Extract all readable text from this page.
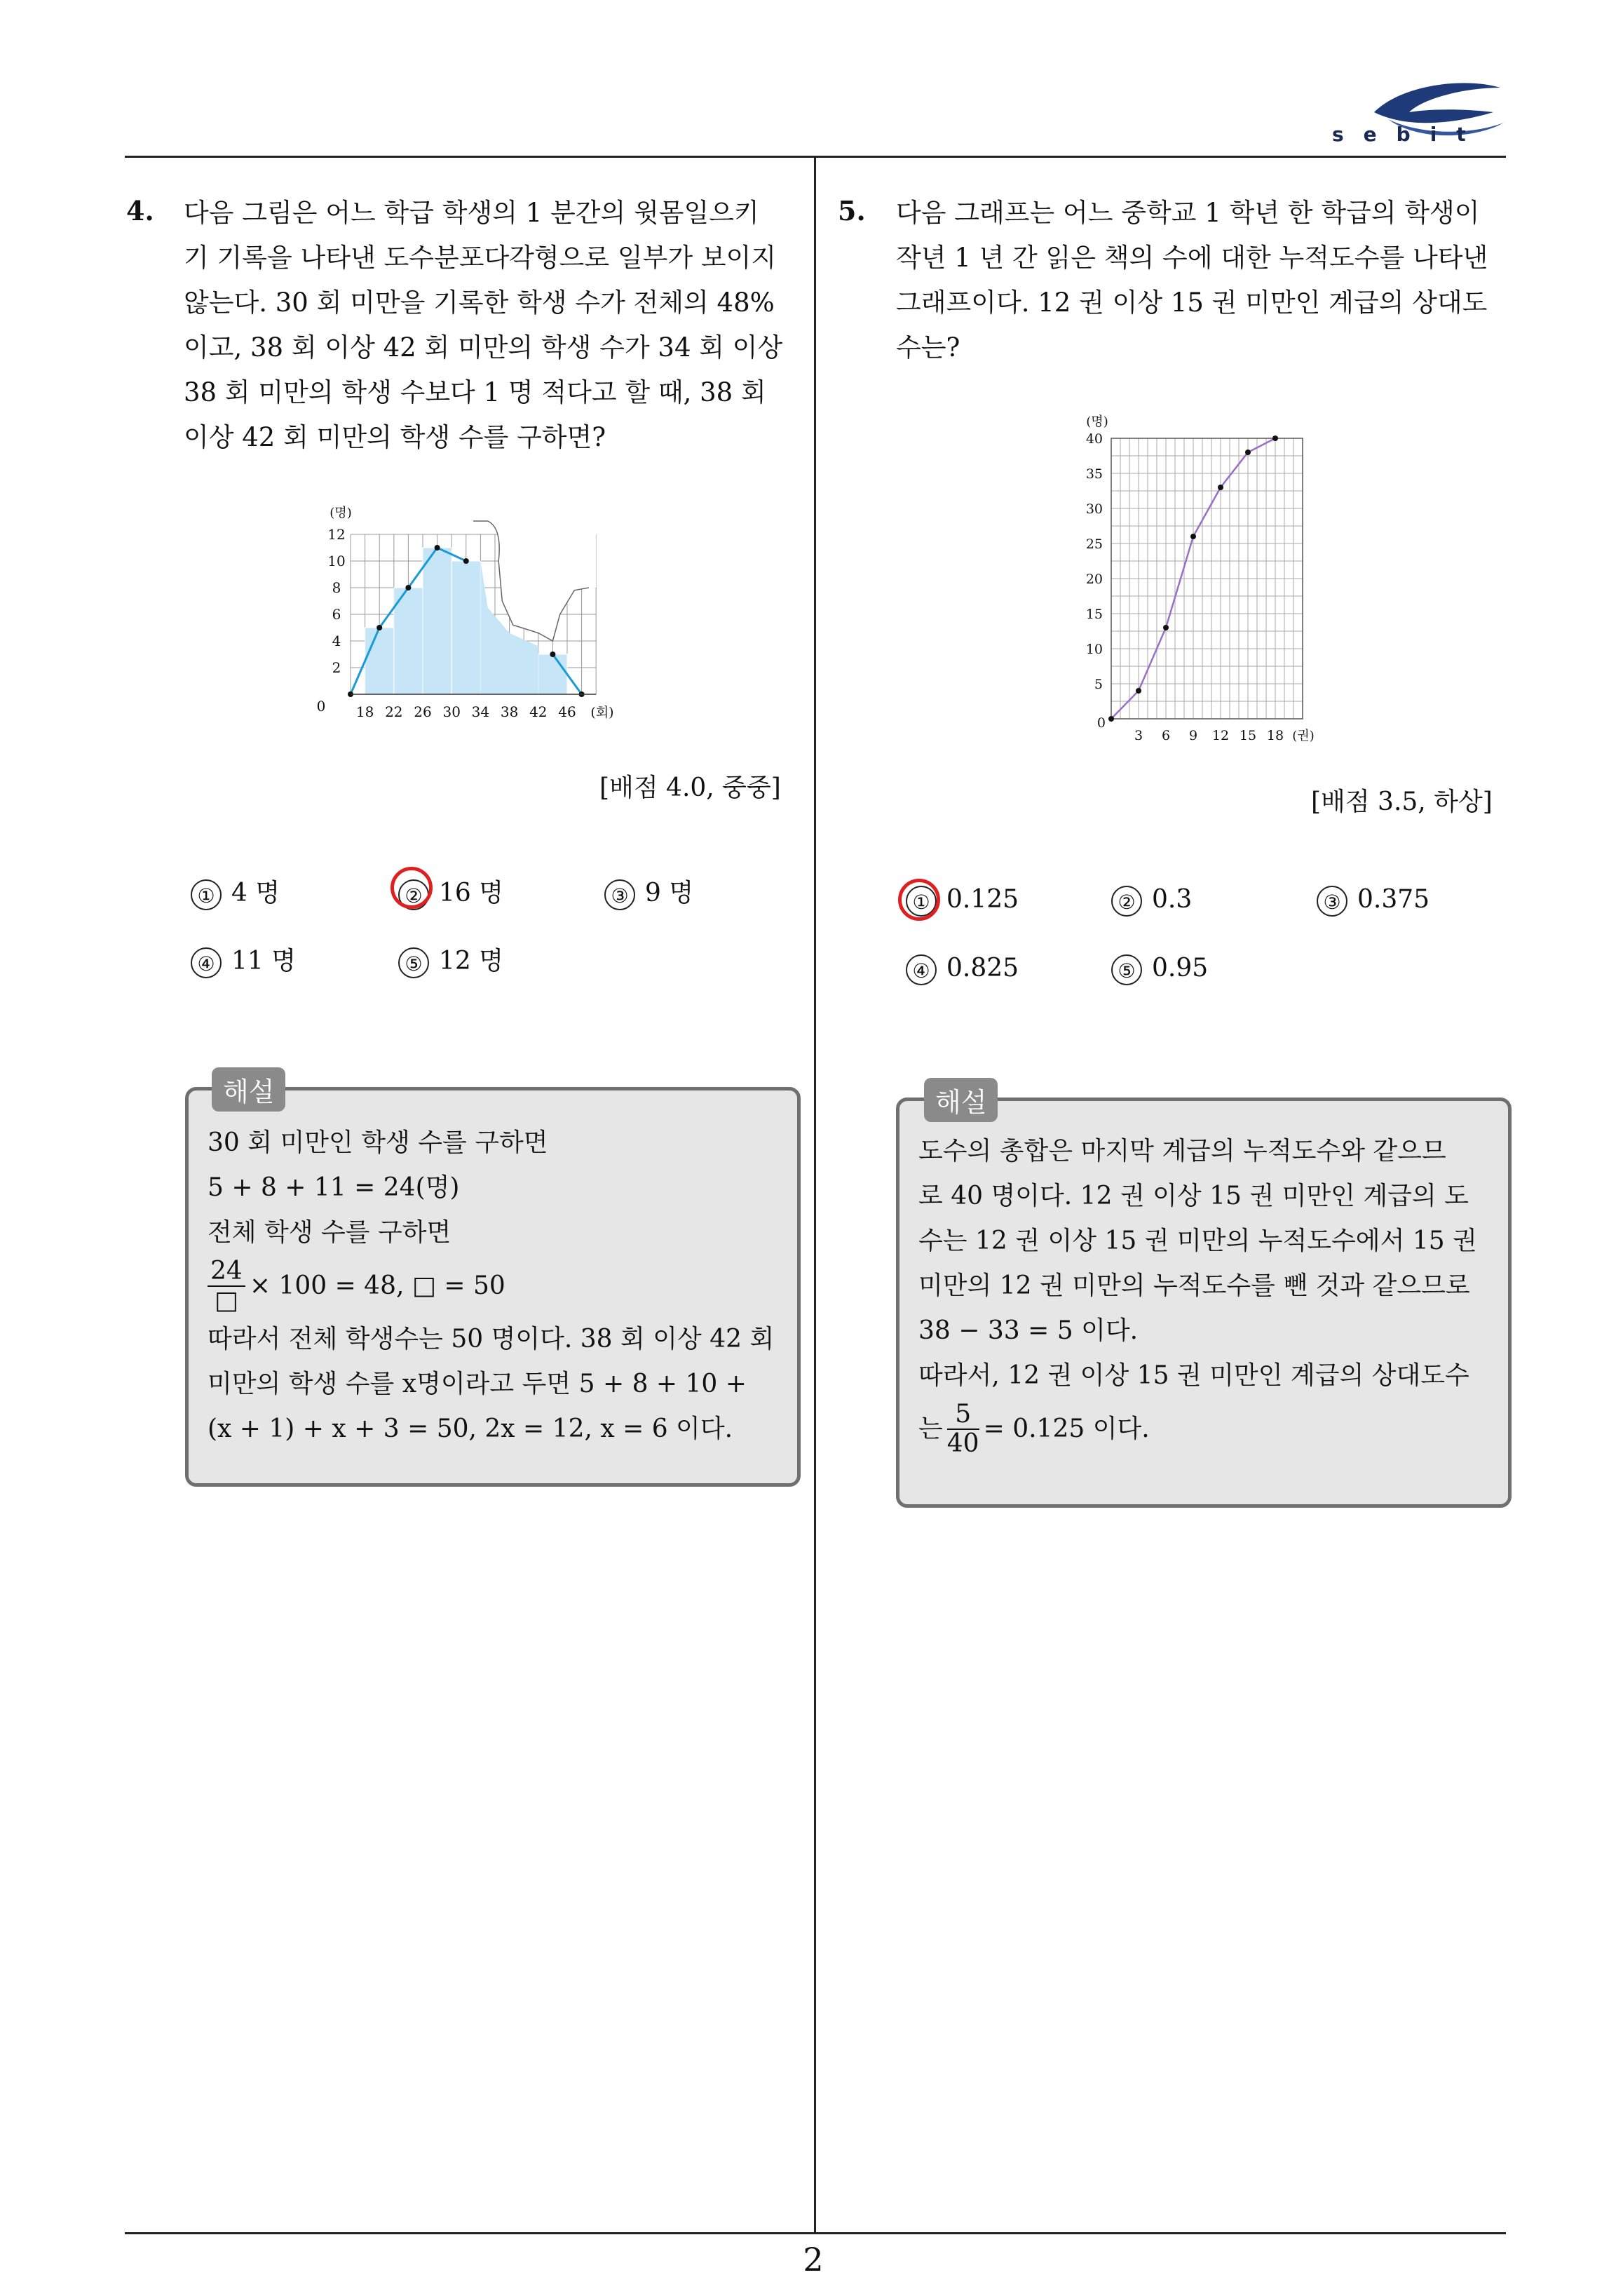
sebit
4. 다음 그림은 어느 학급 학생의 1 분간의 윗몸일으키
기 기록을 나타낸 도수분포다각형으로 일부가 보이지
않는다. 30 회 미만을 기록한 학생 수가 전체의 48%
이고, 38 회 이상 42 회 미만의 학생 수가 34 회 이상
38 회 미만의 학생 수보다 1 명 적다고 할 때, 38 회
이상 42 회 미만의 학생 수를 구하면?
2
4
6
8
10
12
0
(명)
18 22 26 30 34 38 42 46 (회)
[배점 4.0, 중중]
① 4 명	② 16 명	③ 9 명
④ 11 명	⑤ 12 명
해설
30 회 미만인 학생 수를 구하면
5 + 8 + 11 = 24(명)
전체 학생 수를 구하면
$\frac{24}{□} \times 100 = 48$, □ = 50
따라서 전체 학생수는 50 명이다. 38 회 이상 42 회
미만의 학생 수를 x명이라고 두면 5 + 8 + 10 +
(x + 1) + x + 3 = 50, 2x = 12, x = 6 이다.
5. 다음 그래프는 어느 중학교 1 학년 한 학급의 학생이
작년 1 년 간 읽은 책의 수에 대한 누적도수를 나타낸
그래프이다. 12 권 이상 15 권 미만인 계급의 상대도
수는?
5
10
15
20
25
30
35
40
0
(명)
3 6 9 12 15 18 (권)
[배점 3.5, 하상]
① 0.125	② 0.3	③ 0.375
④ 0.825	⑤ 0.95
해설
도수의 총합은 마지막 계급의 누적도수와 같으므
로 40 명이다. 12 권 이상 15 권 미만인 계급의 도
수는 12 권 이상 15 권 미만의 누적도수에서 15 권
미만의 12 권 미만의 누적도수를 뺀 것과 같으므로
38 − 33 = 5 이다.
따라서, 12 권 이상 15 권 미만인 계급의 상대도수
는 $\frac{5}{40} = 0.125$ 이다.
2
